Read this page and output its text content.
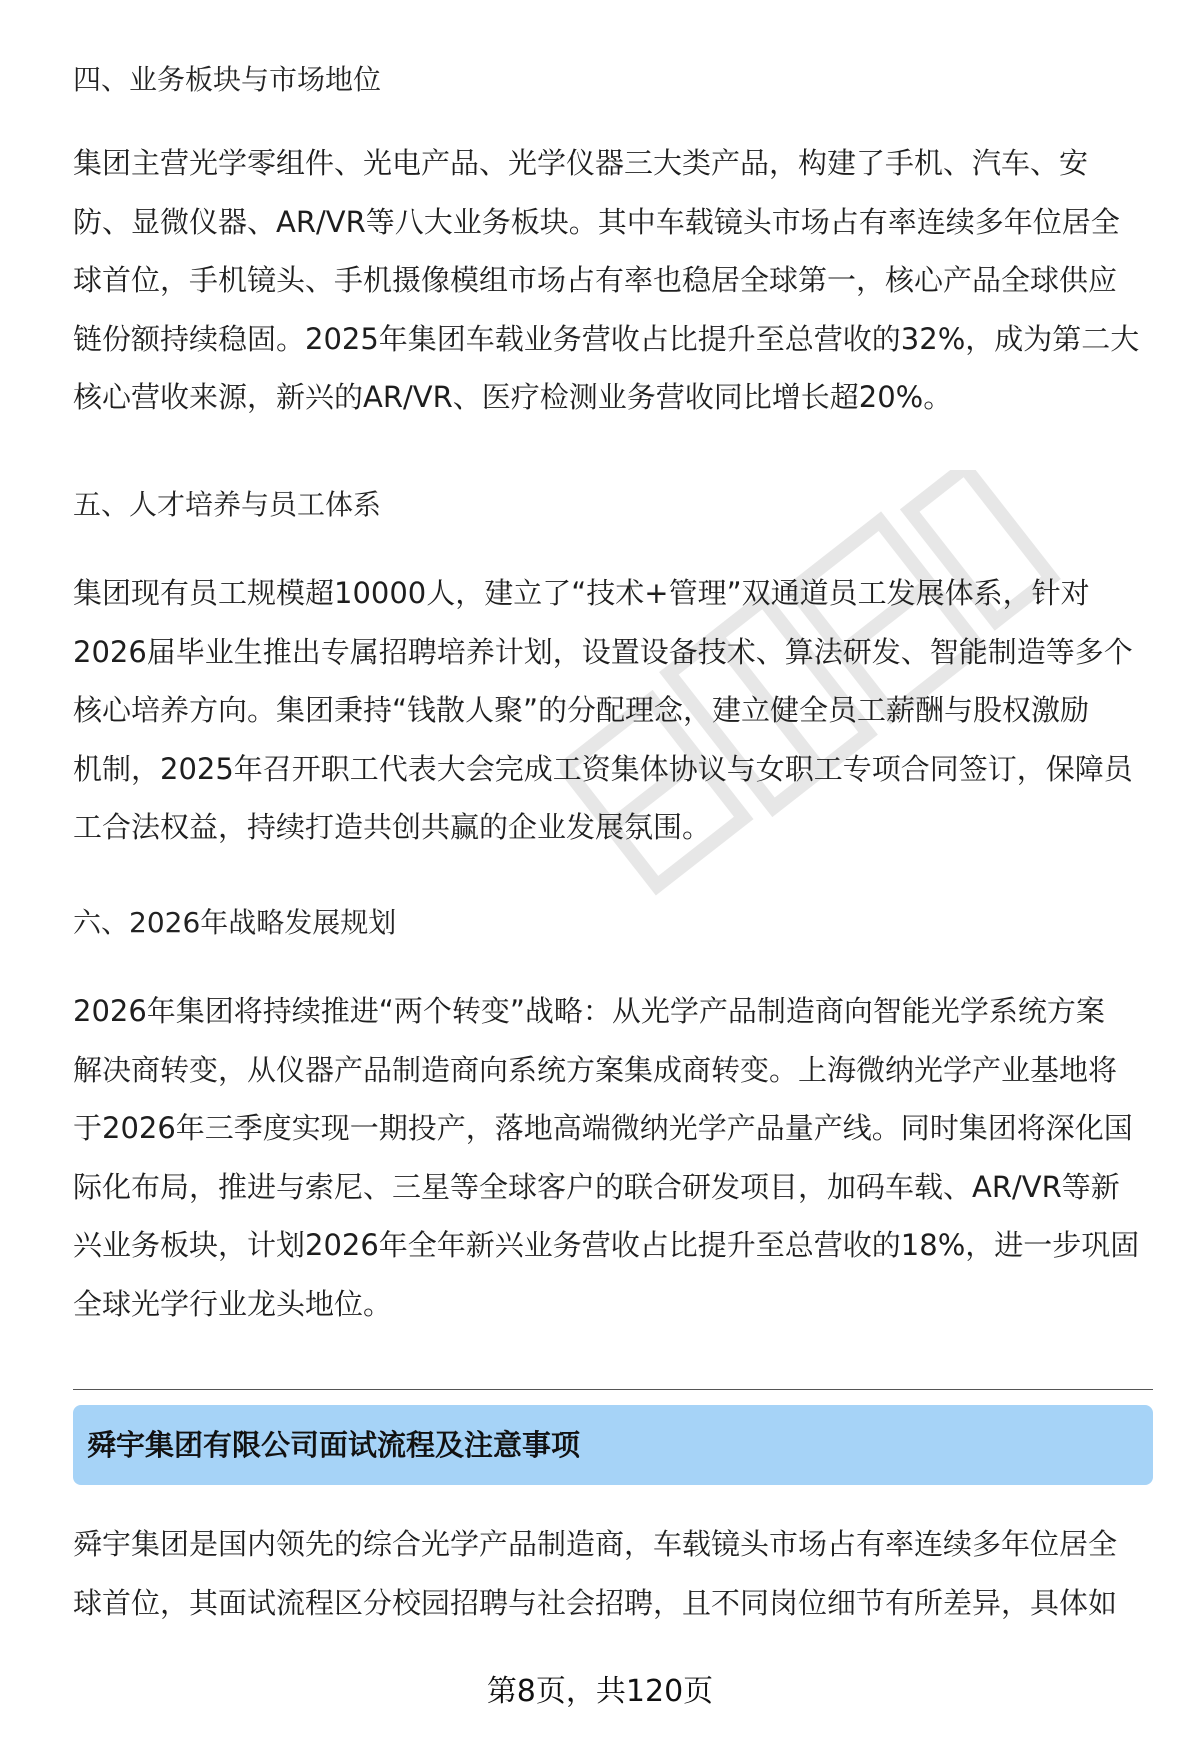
四、业务板块与市场地位
集团主营光学零组件、光电产品、光学仪器三大类产品，构建了手机、汽车、安
防、显微仪器、AR/VR等八大业务板块。其中车载镜头市场占有率连续多年位居全
球首位，手机镜头、手机摄像模组市场占有率也稳居全球第一，核心产品全球供应
链份额持续稳固。2025年集团车载业务营收占比提升至总营收的32%，成为第二大
核心营收来源，新兴的AR/VR、医疗检测业务营收同比增长超20%。
五、人才培养与员工体系
集团现有员工规模超10000人，建立了“技术+管理”双通道员工发展体系，针对
2026届毕业生推出专属招聘培养计划，设置设备技术、算法研发、智能制造等多个
核心培养方向。集团秉持“钱散人聚”的分配理念，建立健全员工薪酬与股权激励
机制，2025年召开职工代表大会完成工资集体协议与女职工专项合同签订，保障员
工合法权益，持续打造共创共赢的企业发展氛围。
六、2026年战略发展规划
2026年集团将持续推进“两个转变”战略：从光学产品制造商向智能光学系统方案
解决商转变，从仪器产品制造商向系统方案集成商转变。上海微纳光学产业基地将
于2026年三季度实现一期投产，落地高端微纳光学产品量产线。同时集团将深化国
际化布局，推进与索尼、三星等全球客户的联合研发项目，加码车载、AR/VR等新
兴业务板块，计划2026年全年新兴业务营收占比提升至总营收的18%，进一步巩固
全球光学行业龙头地位。
舜宇集团有限公司面试流程及注意事项
舜宇集团是国内领先的综合光学产品制造商，车载镜头市场占有率连续多年位居全
球首位，其面试流程区分校园招聘与社会招聘，且不同岗位细节有所差异，具体如
第8页，共120页
